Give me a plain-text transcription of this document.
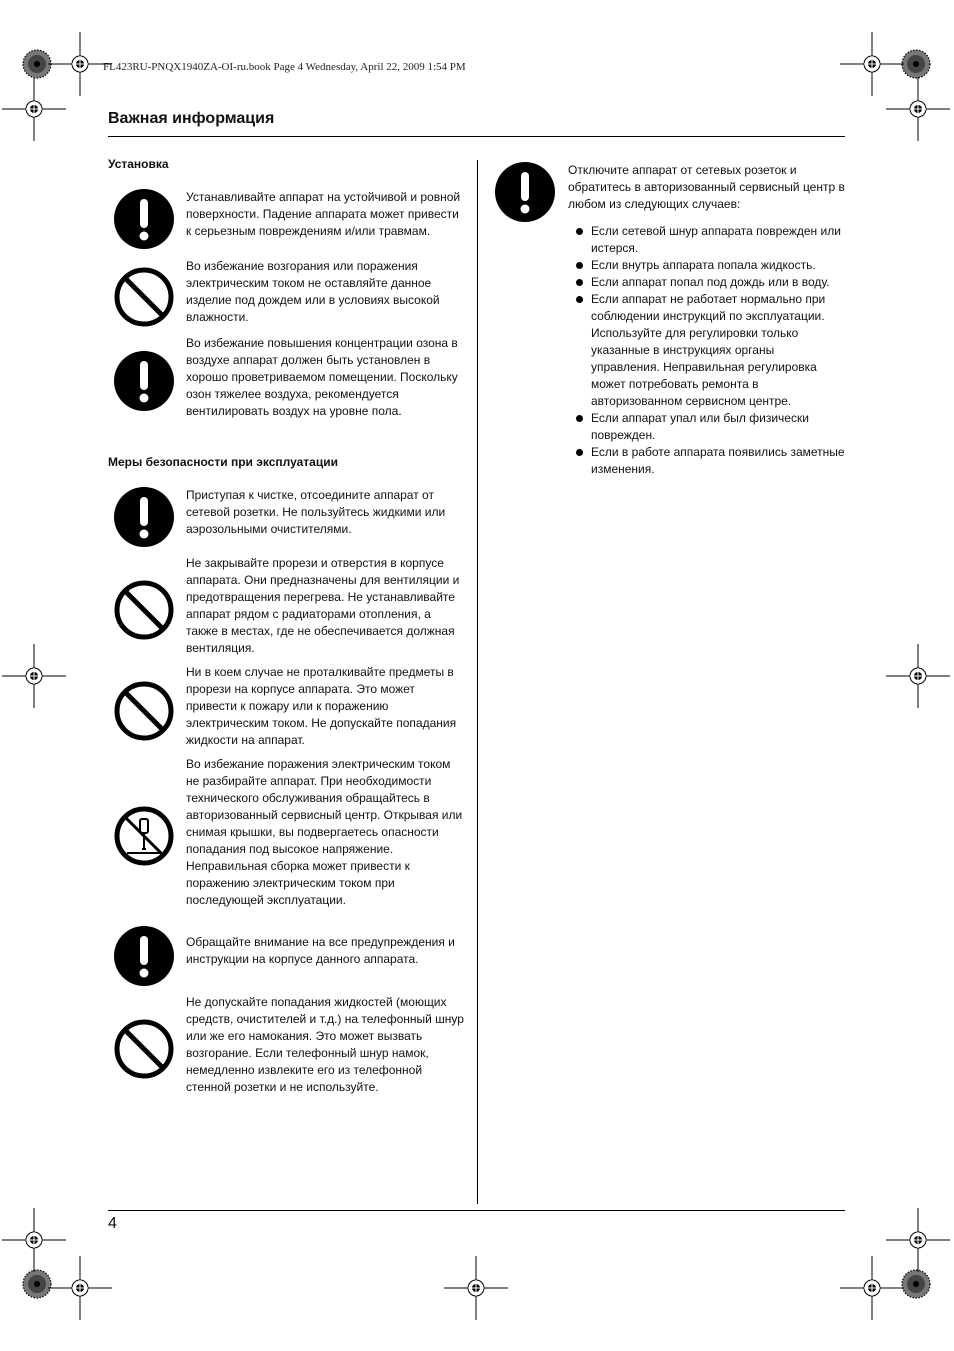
FL423RU-PNQX1940ZA-OI-ru.book Page 4 Wednesday, April 22, 2009 1:54 PM
Важная информация
Установка
Устанавливайте аппарат на устойчивой и ровной поверхности. Падение аппарата может привести к серьезным повреждениям и/или травмам.
Во избежание возгорания или поражения электрическим током не оставляйте данное изделие под дождем или в условиях высокой влажности.
Во избежание повышения концентрации озона в воздухе аппарат должен быть установлен в хорошо проветриваемом помещении. Поскольку озон тяжелее воздуха, рекомендуется вентилировать воздух на уровне пола.
Меры безопасности при эксплуатации
Приступая к чистке, отсоедините аппарат от сетевой розетки. Не пользуйтесь жидкими или аэрозольными очистителями.
Не закрывайте прорези и отверстия в корпусе аппарата. Они предназначены для вентиляции и предотвращения перегрева. Не устанавливайте аппарат рядом с радиаторами отопления, а также в местах, где не обеспечивается должная вентиляция.
Ни в коем случае не проталкивайте предметы в прорези на корпусе аппарата. Это может привести к пожару или к поражению электрическим током. Не допускайте попадания жидкости на аппарат.
Во избежание поражения электрическим током не разбирайте аппарат. При необходимости технического обслуживания обращайтесь в авторизованный сервисный центр. Открывая или снимая крышки, вы подвергаетесь опасности попадания под высокое напряжение. Неправильная сборка может привести к поражению электрическим током при последующей эксплуатации.
Обращайте внимание на все предупреждения и инструкции на корпусе данного аппарата.
Не допускайте попадания жидкостей (моющих средств, очистителей и т.д.) на телефонный шнур или же его намокания. Это может вызвать возгорание. Если телефонный шнур намок, немедленно извлеките его из телефонной стенной розетки и не используйте.
Отключите аппарат от сетевых розеток и обратитесь в авторизованный сервисный центр в любом из следующих случаев:
Если сетевой шнур аппарата поврежден или истерся.
Если внутрь аппарата попала жидкость.
Если аппарат попал под дождь или в воду.
Если аппарат не работает нормально при соблюдении инструкций по эксплуатации. Используйте для регулировки только указанные в инструкциях органы управления. Неправильная регулировка может потребовать ремонта в авторизованном сервисном центре.
Если аппарат упал или был физически поврежден.
Если в работе аппарата появились заметные изменения.
4
